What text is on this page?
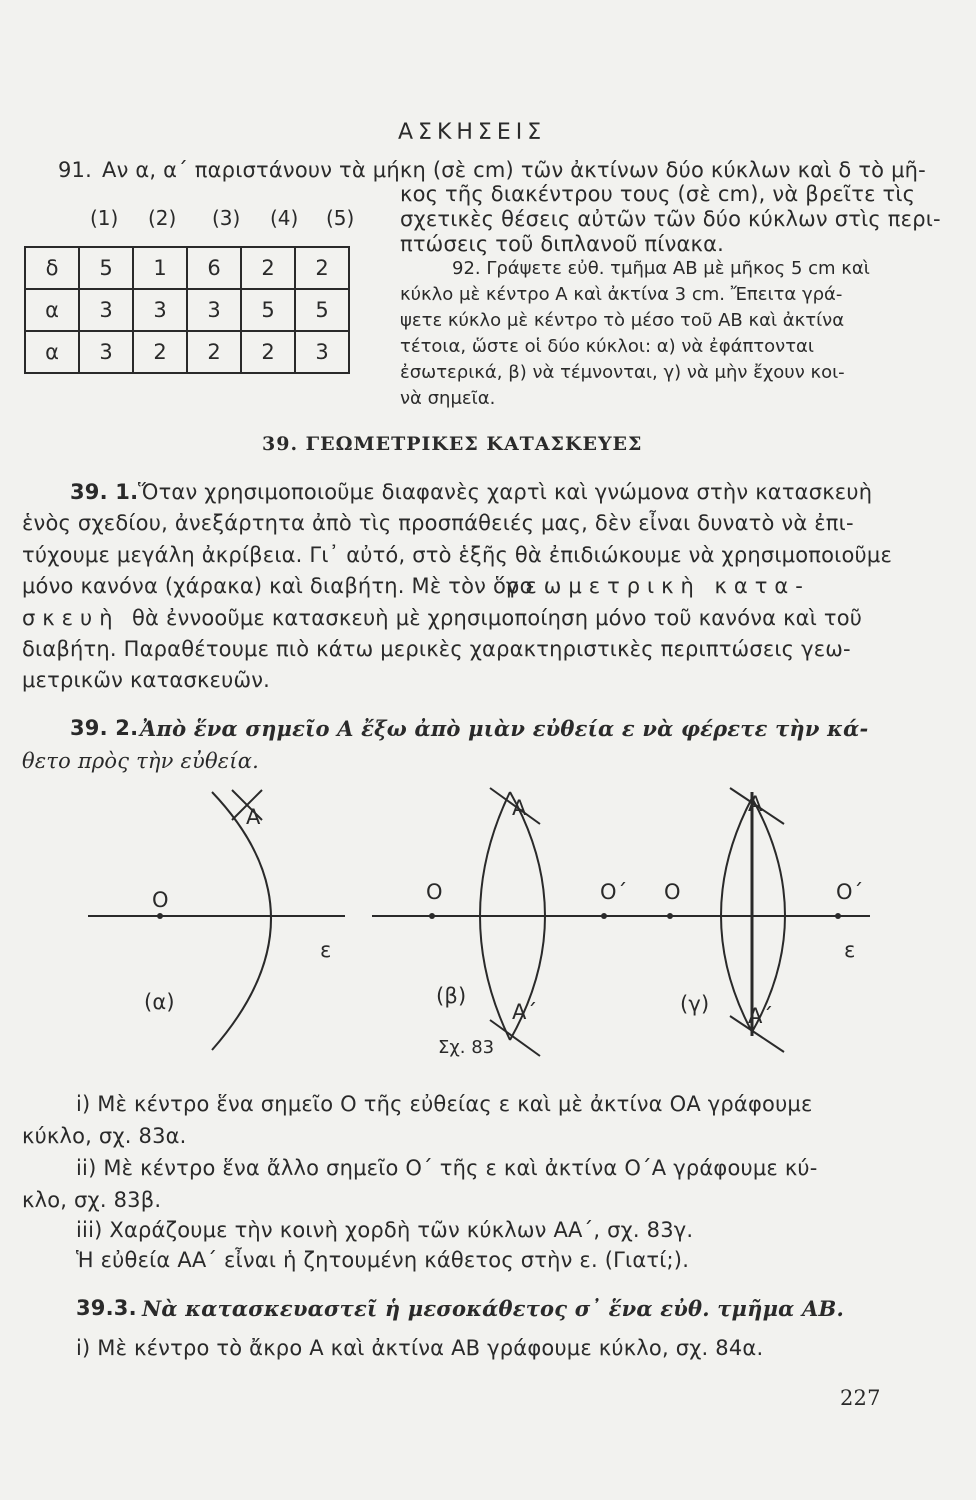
ΑΣΚΗΣΕΙΣ
91. Αν α, α΄ παριστάνουν τὰ μήκη (σὲ cm) τῶν ἀκτίνων δύο κύκλων καὶ δ τὸ μῆ-
κος τῆς διακέντρου τους (σὲ cm), νὰ βρεῖτε τὶς
σχετικὲς θέσεις αὐτῶν τῶν δύο κύκλων στὶς περι-
πτώσεις τοῦ διπλανοῦ πίνακα.
(1) (2) (3) (4) (5)
δ	5	1	6	2	2
α	3	3	3	5	5
α	3	2	2	2	3
92. Γράψετε εὐθ. τμῆμα ΑΒ μὲ μῆκος 5 cm καὶ
κύκλο μὲ κέντρο Α καὶ ἀκτίνα 3 cm. Ἔπειτα γρά-
ψετε κύκλο μὲ κέντρο τὸ μέσο τοῦ ΑΒ καὶ ἀκτίνα
τέτοια, ὥστε οἱ δύο κύκλοι: α) νὰ ἐφάπτονται
ἐσωτερικά, β) νὰ τέμνονται, γ) νὰ μὴν ἔχουν κοι-
νὰ σημεῖα.
39. ΓΕΩΜΕΤΡΙΚΕΣ ΚΑΤΑΣΚΕΥΕΣ
39. 1. Ὅταν χρησιμοποιοῦμε διαφανὲς χαρτὶ καὶ γνώμονα στὴν κατασκευὴ
ἑνὸς σχεδίου, ἀνεξάρτητα ἀπὸ τὶς προσπάθειές μας, δὲν εἶναι δυνατὸ νὰ ἐπι-
τύχουμε μεγάλη ἀκρίβεια. Γι᾽ αὐτό, στὸ ἑξῆς θὰ ἐπιδιώκουμε νὰ χρησιμοποιοῦμε
μόνο κανόνα (χάρακα) καὶ διαβήτη. Μὲ τὸν ὅρο
γεωμετρικὴ κατα-
σκευὴ θὰ ἐννοοῦμε κατασκευὴ μὲ χρησιμοποίηση μόνο τοῦ κανόνα καὶ τοῦ
διαβήτη. Παραθέτουμε πιὸ κάτω μερικὲς χαρακτηριστικὲς περιπτώσεις γεω-
μετρικῶν κατασκευῶν.
39. 2. Ἀπὸ ἕνα σημεῖο Α ἔξω ἀπὸ μιὰν εὐθεία ε νὰ φέρετε τὴν κά-
θετο πρὸς τὴν εὐθεία.
A
O
ε
(α)
A
O	O΄
A΄
(β)
A
O	O΄
ε
A΄
(γ)
Σχ. 83
i) Μὲ κέντρο ἕνα σημεῖο Ο τῆς εὐθείας ε καὶ μὲ ἀκτίνα ΟΑ γράφουμε
κύκλο, σχ. 83α.
ii) Μὲ κέντρο ἕνα ἄλλο σημεῖο Ο΄ τῆς ε καὶ ἀκτίνα Ο΄Α γράφουμε κύ-
κλο, σχ. 83β.
iii) Χαράζουμε τὴν κοινὴ χορδὴ τῶν κύκλων ΑΑ΄, σχ. 83γ.
Ἡ εὐθεία ΑΑ΄ εἶναι ἡ ζητουμένη κάθετος στὴν ε. (Γιατί;).
39.3. Νὰ κατασκευαστεῖ ἡ μεσοκάθετος σ᾽ ἕνα εὐθ. τμῆμα ΑΒ.
i) Μὲ κέντρο τὸ ἄκρο Α καὶ ἀκτίνα ΑΒ γράφουμε κύκλο, σχ. 84α.
227
